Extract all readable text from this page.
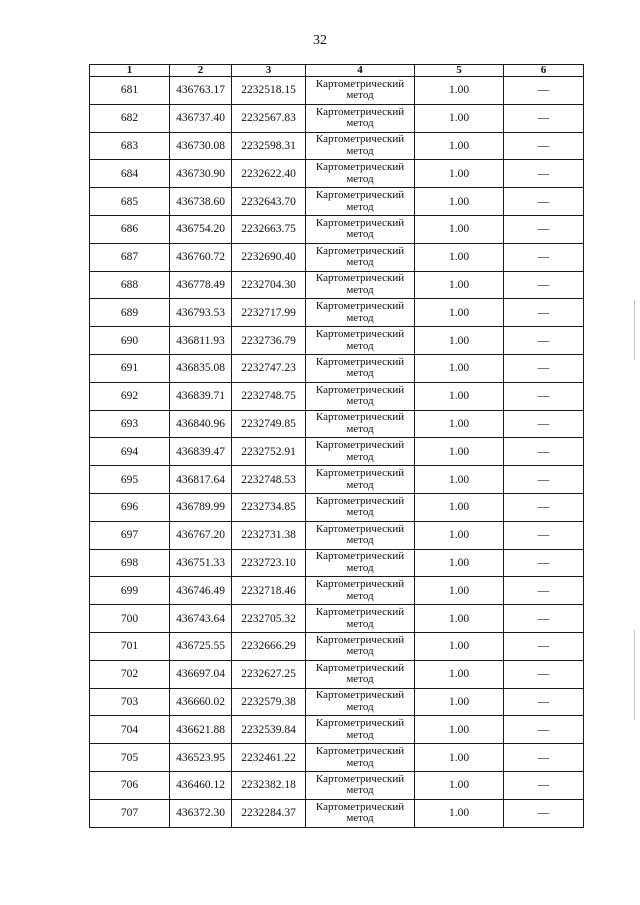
32
1	2	3	4	5	6
681	436763.17	2232518.15	Картометрический метод	1.00	—
682	436737.40	2232567.83	Картометрический метод	1.00	—
683	436730.08	2232598.31	Картометрический метод	1.00	—
684	436730.90	2232622.40	Картометрический метод	1.00	—
685	436738.60	2232643.70	Картометрический метод	1.00	—
686	436754.20	2232663.75	Картометрический метод	1.00	—
687	436760.72	2232690.40	Картометрический метод	1.00	—
688	436778.49	2232704.30	Картометрический метод	1.00	—
689	436793.53	2232717.99	Картометрический метод	1.00	—
690	436811.93	2232736.79	Картометрический метод	1.00	—
691	436835.08	2232747.23	Картометрический метод	1.00	—
692	436839.71	2232748.75	Картометрический метод	1.00	—
693	436840.96	2232749.85	Картометрический метод	1.00	—
694	436839.47	2232752.91	Картометрический метод	1.00	—
695	436817.64	2232748.53	Картометрический метод	1.00	—
696	436789.99	2232734.85	Картометрический метод	1.00	—
697	436767.20	2232731.38	Картометрический метод	1.00	—
698	436751.33	2232723.10	Картометрический метод	1.00	—
699	436746.49	2232718.46	Картометрический метод	1.00	—
700	436743.64	2232705.32	Картометрический метод	1.00	—
701	436725.55	2232666.29	Картометрический метод	1.00	—
702	436697.04	2232627.25	Картометрический метод	1.00	—
703	436660.02	2232579.38	Картометрический метод	1.00	—
704	436621.88	2232539.84	Картометрический метод	1.00	—
705	436523.95	2232461.22	Картометрический метод	1.00	—
706	436460.12	2232382.18	Картометрический метод	1.00	—
707	436372.30	2232284.37	Картометрический метод	1.00	—
